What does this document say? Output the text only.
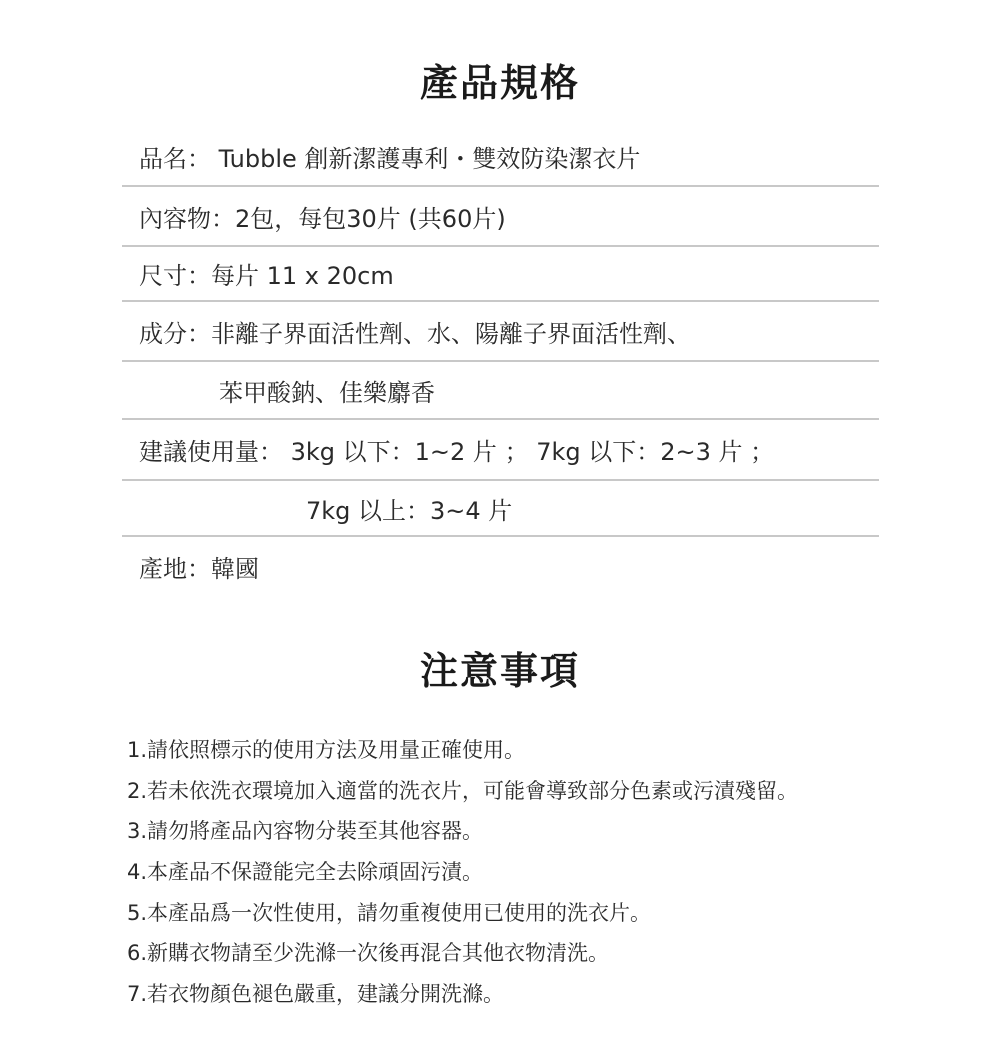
產品規格
品名： Tubble 創新潔護專利・雙效防染潔衣片
內容物： 2包，每包30片 (共60片)
尺寸： 每片 11 x 20cm
成分： 非離子界面活性劑、水、陽離子界面活性劑、
苯甲酸鈉、佳樂麝香
建議使用量： 3kg 以下：1~2 片 ； 7kg 以下：2~3 片 ；
7kg 以上：3~4 片
產地： 韓國
注意事項
1.請依照標示的使用方法及用量正確使用。
2.若未依洗衣環境加入適當的洗衣片，可能會導致部分色素或污漬殘留。
3.請勿將產品內容物分裝至其他容器。
4.本產品不保證能完全去除頑固污漬。
5.本產品爲一次性使用，請勿重複使用已使用的洗衣片。
6.新購衣物請至少洗滌一次後再混合其他衣物清洗。
7.若衣物顏色褪色嚴重，建議分開洗滌。
